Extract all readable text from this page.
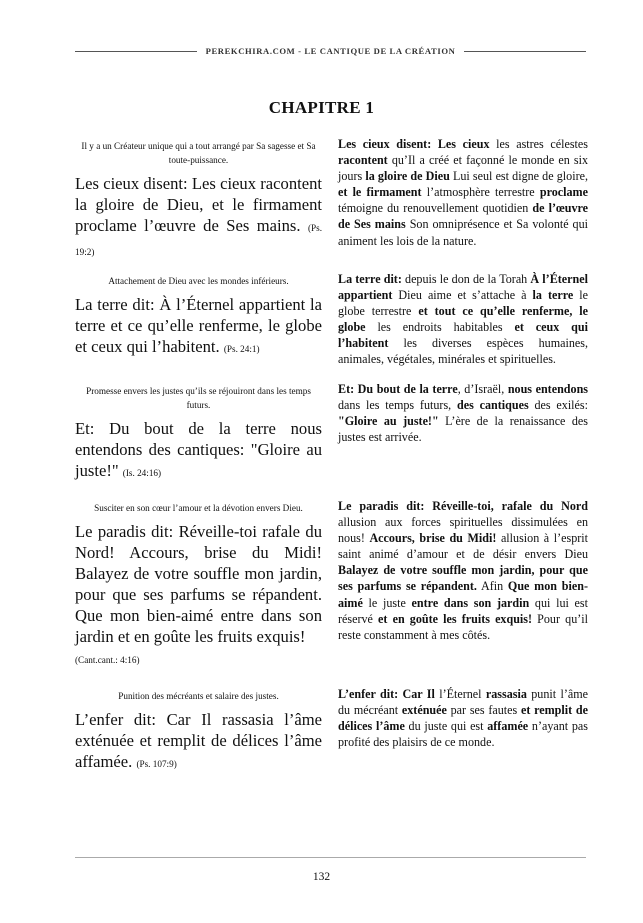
PEREKCHIRA.COM - LE CANTIQUE DE LA CRÉATION
CHAPITRE 1
Il y a un Créateur unique qui a tout arrangé par Sa sagesse et Sa toute-puissance.
Les cieux disent: Les cieux racontent la gloire de Dieu, et le firmament proclame l’œuvre de Ses mains. (Ps. 19:2)
Les cieux disent: Les cieux les astres célestes racontent qu’Il a créé et façonné le monde en six jours la gloire de Dieu Lui seul est digne de gloire, et le firmament l’atmosphère terrestre proclame témoigne du renouvellement quotidien de l’œuvre de Ses mains Son omniprésence et Sa volonté qui animent les lois de la nature.
Attachement de Dieu avec les mondes inférieurs.
La terre dit: À l’Éternel appartient la terre et ce qu’elle renferme, le globe et ceux qui l’habitent. (Ps. 24:1)
La terre dit: depuis le don de la Torah À l’Éternel appartient Dieu aime et s’attache à la terre le globe terrestre et tout ce qu’elle renferme, le globe les endroits habitables et ceux qui l’habitent les diverses espèces humaines, animales, végétales, minérales et spirituelles.
Promesse envers les justes qu’ils se réjouiront dans les temps futurs.
Et: Du bout de la terre nous entendons des cantiques: "Gloire au juste!" (Is. 24:16)
Et: Du bout de la terre, d’Israël, nous entendons dans les temps futurs, des cantiques des exilés: "Gloire au juste!" L’ère de la renaissance des justes est arrivée.
Susciter en son cœur l’amour et la dévotion envers Dieu.
Le paradis dit: Réveille-toi rafale du Nord! Accours, brise du Midi! Balayez de votre souffle mon jardin, pour que ses parfums se répandent. Que mon bien-aimé entre dans son jardin et en goûte les fruits exquis!
(Cant.cant.: 4:16)
Le paradis dit: Réveille-toi, rafale du Nord allusion aux forces spirituelles dissimulées en nous! Accours, brise du Midi! allusion à l’esprit saint animé d’amour et de désir envers Dieu Balayez de votre souffle mon jardin, pour que ses parfums se répandent. Afin Que mon bien-aimé le juste entre dans son jardin qui lui est réservé et en goûte les fruits exquis! Pour qu’il reste constamment à mes côtés.
Punition des mécréants et salaire des justes.
L’enfer dit: Car Il rassasia l’âme exténuée et remplit de délices l’âme affamée. (Ps. 107:9)
L’enfer dit: Car Il l’Éternel rassasia punit l’âme du mécréant exténuée par ses fautes et remplit de délices l’âme du juste qui est affamée n’ayant pas profité des plaisirs de ce monde.
132
